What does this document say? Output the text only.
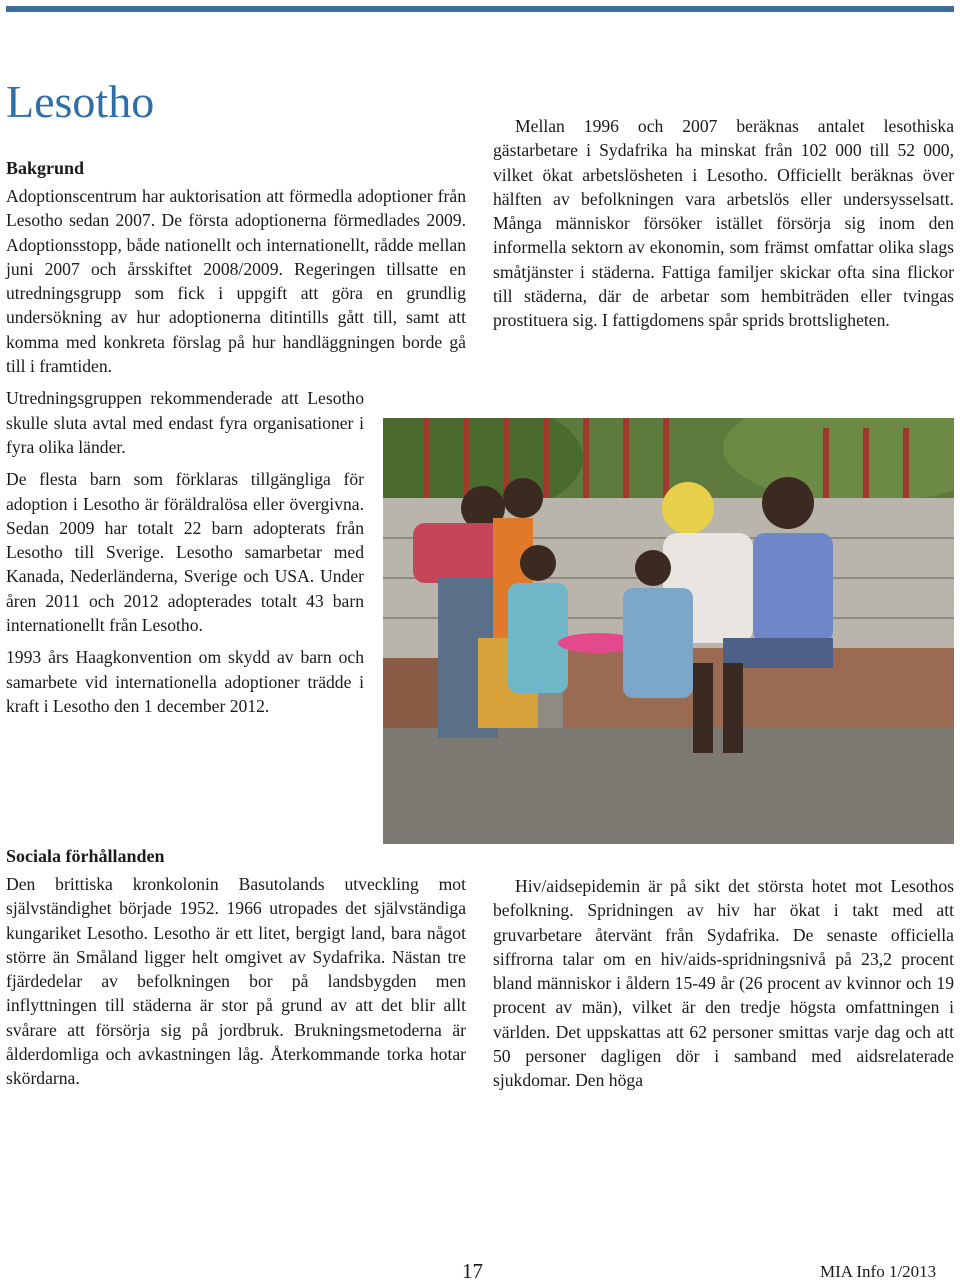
Lesotho
Bakgrund

Adoptionscentrum har auktorisation att förmedla adoptioner från Lesotho sedan 2007. De första adoptionerna förmedlades 2009. Adoptionsstopp, både nationellt och internationellt, rådde mellan juni 2007 och årsskiftet 2008/2009. Regeringen tillsatte en utredningsgrupp som fick i uppgift att göra en grundlig undersökning av hur adoptionerna ditintills gått till, samt att komma med konkreta förslag på hur handläggningen borde gå till i framtiden.

Utredningsgruppen rekommenderade att Lesotho skulle sluta avtal med endast fyra organisationer i fyra olika länder.

De flesta barn som förklaras tillgängliga för adoption i Lesotho är föräldralösa eller övergivna. Sedan 2009 har totalt 22 barn adopterats från Lesotho till Sverige. Lesotho samarbetar med Kanada, Nederländerna, Sverige och USA. Under åren 2011 och 2012 adopterades totalt 43 barn internationellt från Lesotho.

1993 års Haagkonvention om skydd av barn och samarbete vid internationella adoptioner trädde i kraft i Lesotho den 1 december 2012.

Mellan 1996 och 2007 beräknas antalet lesothiska gästarbetare i Sydafrika ha minskat från 102 000 till 52 000, vilket ökat arbetslösheten i Lesotho. Officiellt beräknas över hälften av befolkningen vara arbetslös eller undersysselsatt. Många människor försöker istället försörja sig inom den informella sektorn av ekonomin, som främst omfattar olika slags småtjänster i städerna. Fattiga familjer skickar ofta sina flickor till städerna, där de arbetar som hembiträden eller tvingas prostituera sig. I fattigdomens spår sprids brottsligheten.

Sociala förhållanden

Den brittiska kronkolonin Basutolands utveckling mot självständighet började 1952. 1966 utropades det självständiga kungariket Lesotho. Lesotho är ett litet, bergigt land, bara något större än Småland ligger helt omgivet av Sydafrika. Nästan tre fjärdedelar av befolkningen bor på landsbygden men inflyttningen till städerna är stor på grund av att det blir allt svårare att försörja sig på jordbruk. Brukningsmetoderna är ålderdomliga och avkastningen låg. Återkommande torka hotar skördarna.

Hiv/aidsepidemin är på sikt det största hotet mot Lesothos befolkning. Spridningen av hiv har ökat i takt med att gruvarbetare återvänt från Sydafrika. De senaste officiella siffrorna talar om en hiv/aids-spridningsnivå på 23,2 procent bland människor i åldern 15-49 år (26 procent av kvinnor och 19 procent av män), vilket är den tredje högsta omfattningen i världen. Det uppskattas att 62 personer smittas varje dag och att 50 personer dagligen dör i samband med aidsrelaterade sjukdomar. Den höga

17	MIA Info 1/2013
